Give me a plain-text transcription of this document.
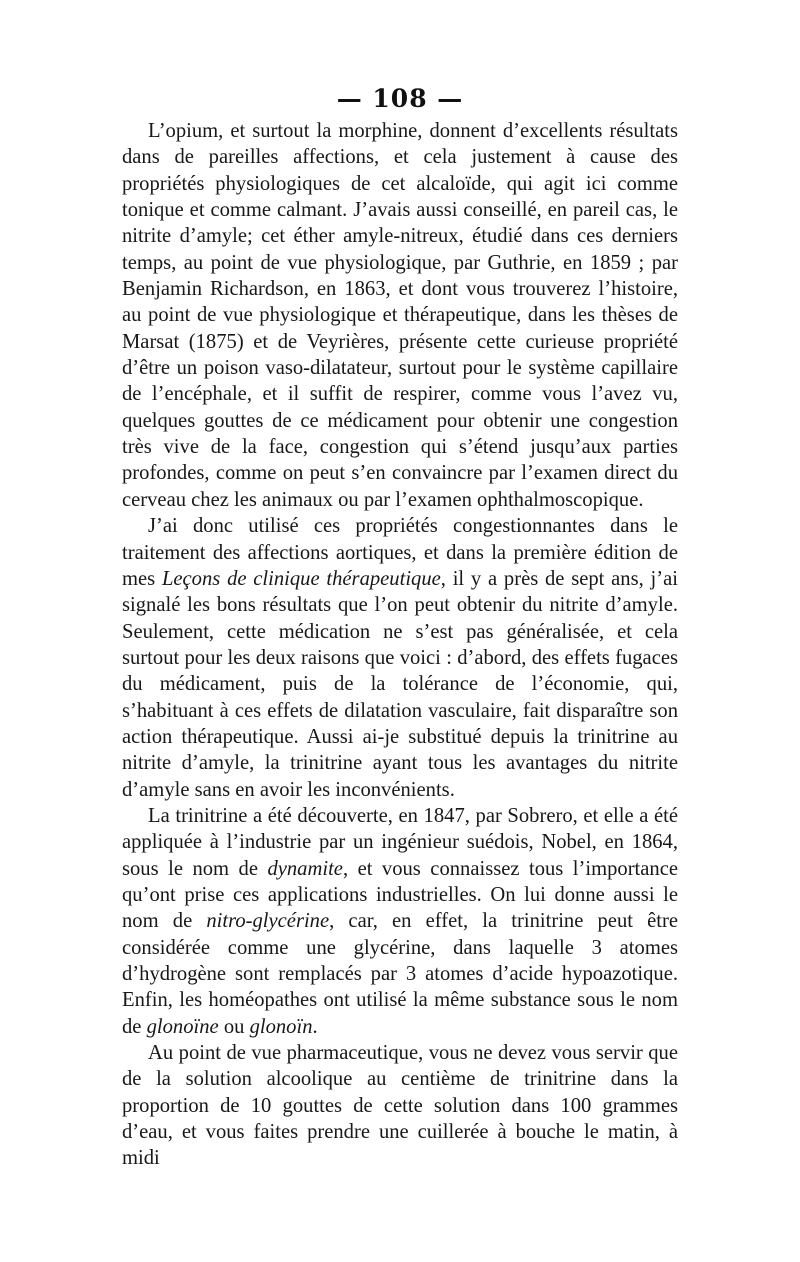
— 108 —

L’opium, et surtout la morphine, donnent d’excellents résultats dans de pareilles affections, et cela justement à cause des propriétés physiologiques de cet alcaloïde, qui agit ici comme tonique et comme calmant. J’avais aussi conseillé, en pareil cas, le nitrite d’amyle; cet éther amyle-nitreux, étudié dans ces derniers temps, au point de vue physiologique, par Guthrie, en 1859 ; par Benjamin Richardson, en 1863, et dont vous trouverez l’histoire, au point de vue physiologique et thérapeutique, dans les thèses de Marsat (1875) et de Veyrières, présente cette curieuse propriété d’être un poison vaso-dilatateur, surtout pour le système capillaire de l’encéphale, et il suffit de respirer, comme vous l’avez vu, quelques gouttes de ce médicament pour obtenir une congestion très vive de la face, congestion qui s’étend jusqu’aux parties profondes, comme on peut s’en convaincre par l’examen direct du cerveau chez les animaux ou par l’examen ophthalmoscopique.

J’ai donc utilisé ces propriétés congestionnantes dans le traitement des affections aortiques, et dans la première édition de mes Leçons de clinique thérapeutique, il y a près de sept ans, j’ai signalé les bons résultats que l’on peut obtenir du nitrite d’amyle. Seulement, cette médication ne s’est pas généralisée, et cela surtout pour les deux raisons que voici : d’abord, des effets fugaces du médicament, puis de la tolérance de l’économie, qui, s’habituant à ces effets de dilatation vasculaire, fait disparaître son action thérapeutique. Aussi ai-je substitué depuis la trinitrine au nitrite d’amyle, la trinitrine ayant tous les avantages du nitrite d’amyle sans en avoir les inconvénients.

La trinitrine a été découverte, en 1847, par Sobrero, et elle a été appliquée à l’industrie par un ingénieur suédois, Nobel, en 1864, sous le nom de dynamite, et vous connaissez tous l’importance qu’ont prise ces applications industrielles. On lui donne aussi le nom de nitro-glycérine, car, en effet, la trinitrine peut être considérée comme une glycérine, dans laquelle 3 atomes d’hydrogène sont remplacés par 3 atomes d’acide hypoazotique. Enfin, les homéopathes ont utilisé la même substance sous le nom de glonoïne ou glonoïn.

Au point de vue pharmaceutique, vous ne devez vous servir que de la solution alcoolique au centième de trinitrine dans la proportion de 10 gouttes de cette solution dans 100 grammes d’eau, et vous faites prendre une cuillerée à bouche le matin, à midi
